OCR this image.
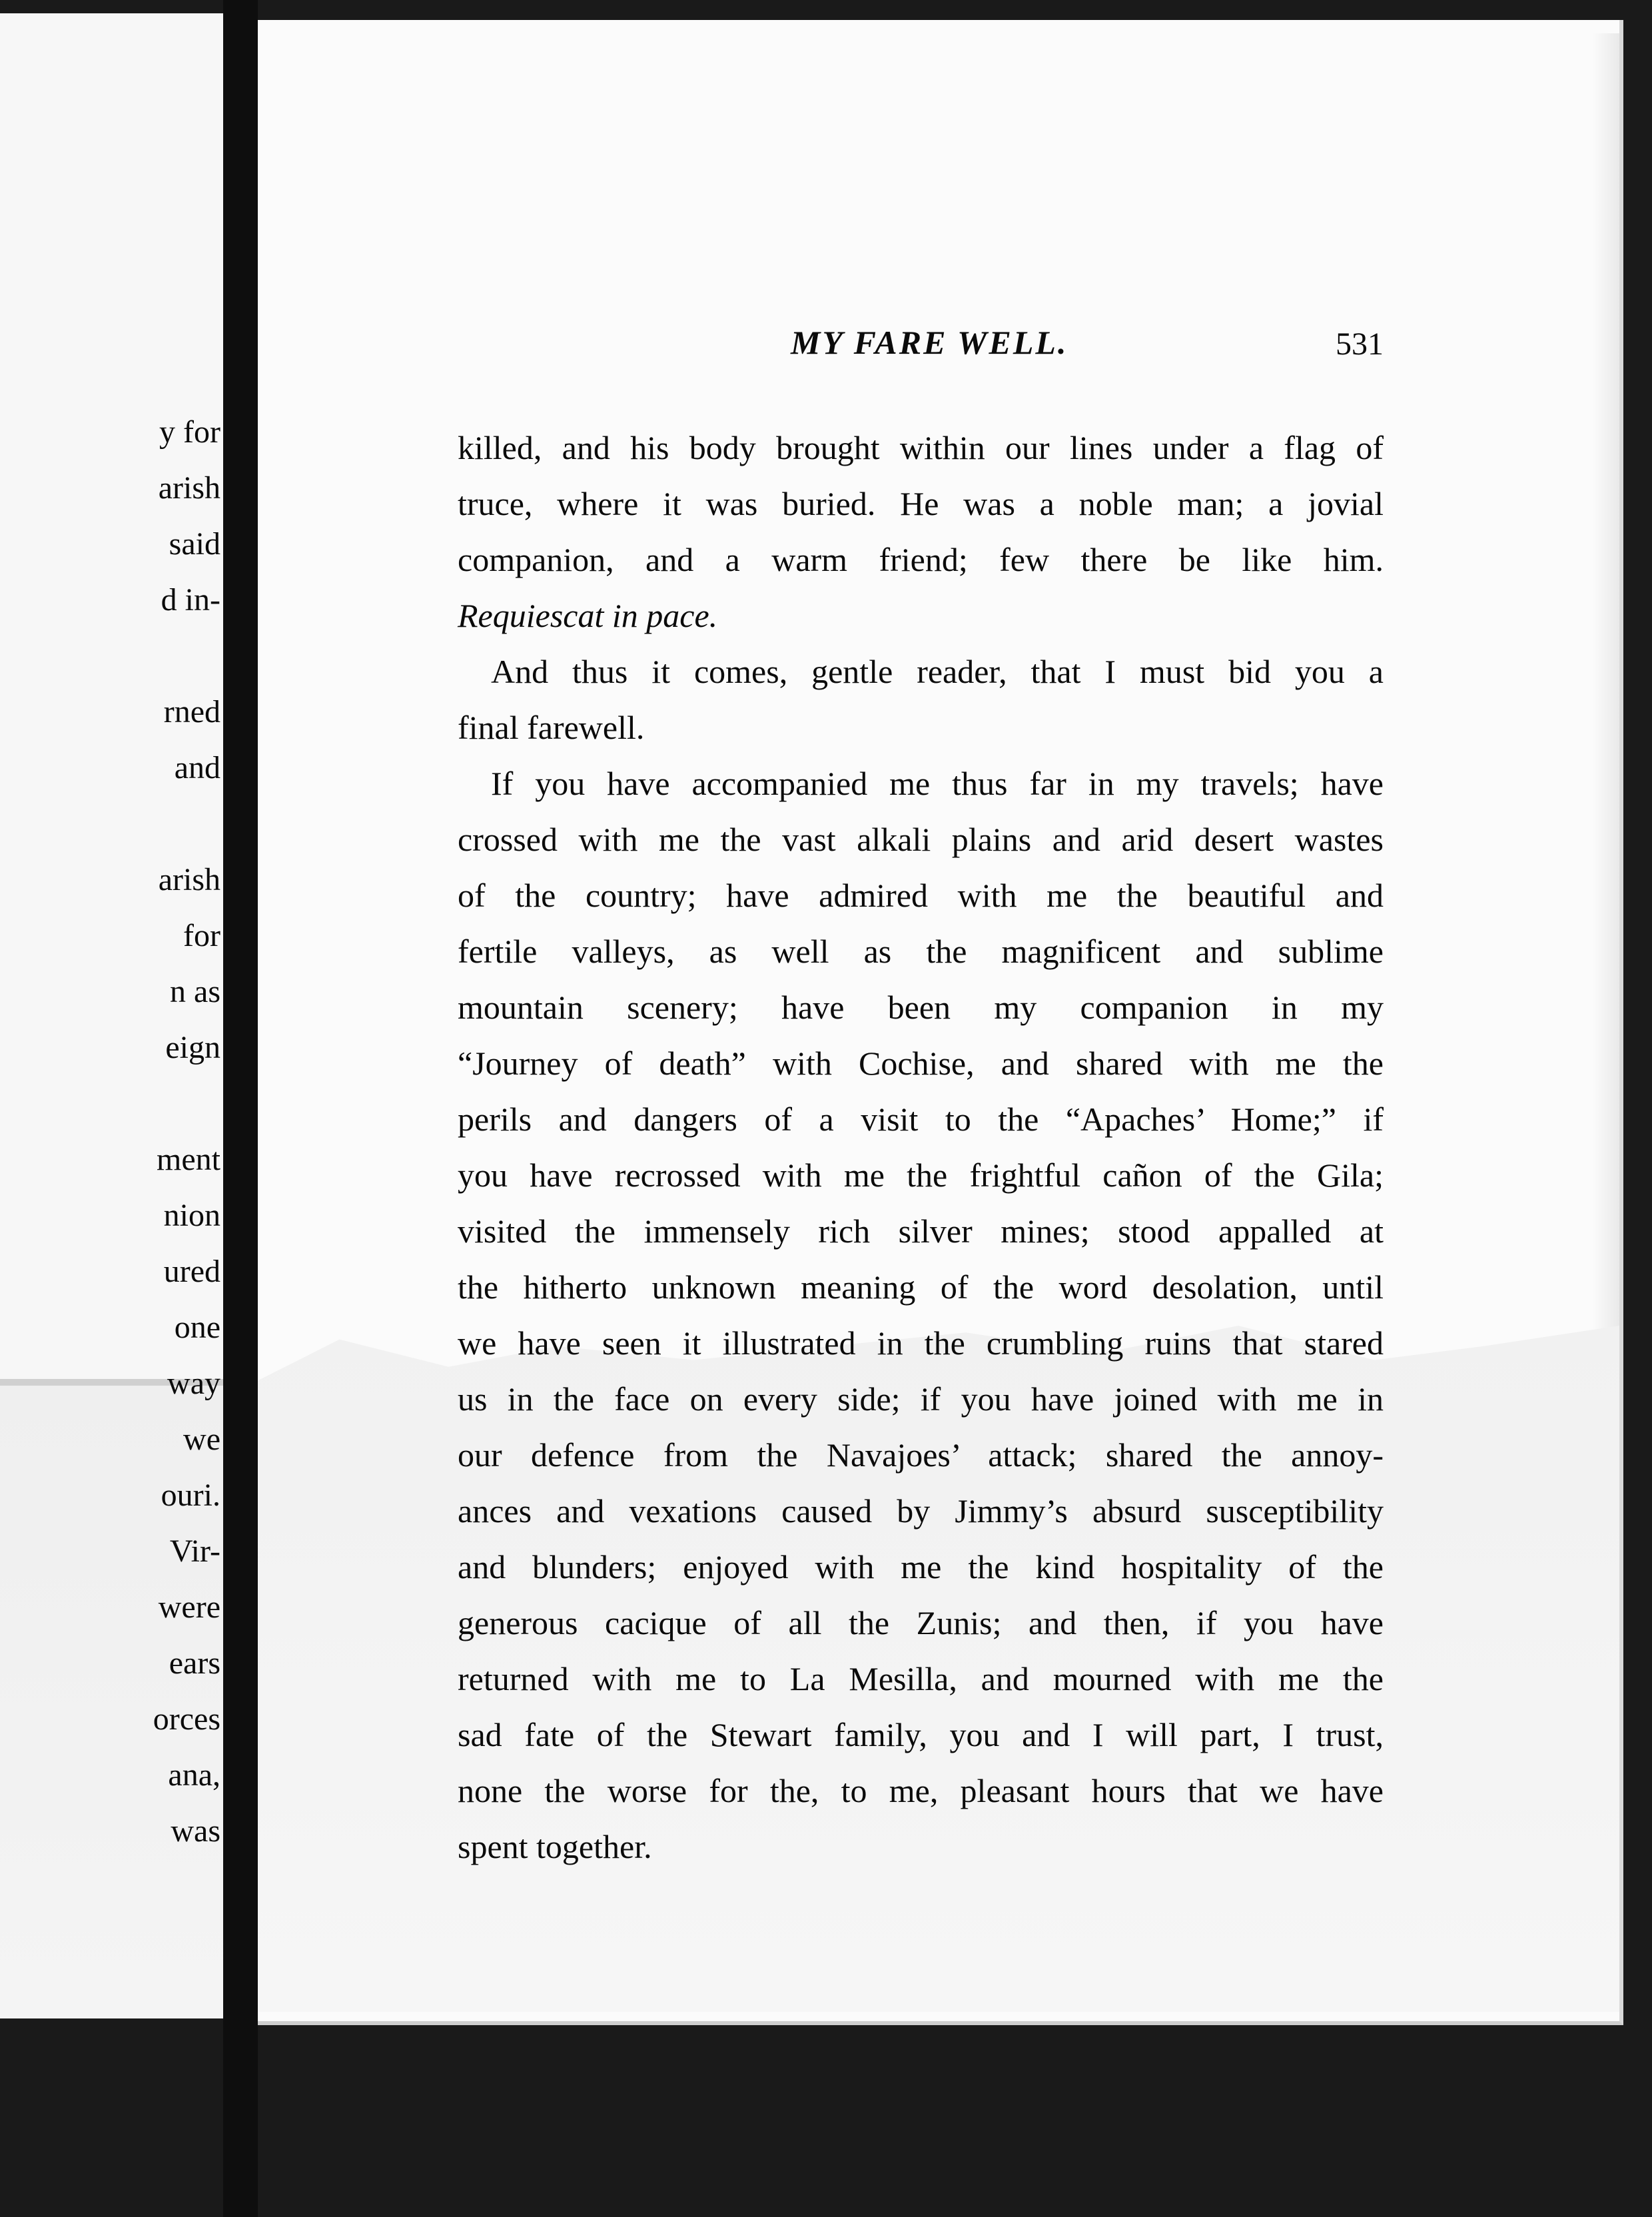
y for
arish
said
d in-
rned
and
arish
for
n as
eign
ment
nion
ured
one
way
we
ouri.
Vir-
were
ears
orces
ana,
was
MY FARE WELL.	531
killed, and his body brought within our lines under a flag of
truce, where it was buried. He was a noble man; a jovial
companion, and a warm friend; few there be like him.
Requiescat in pace.
And thus it comes, gentle reader, that I must bid you a
final farewell.
If you have accompanied me thus far in my travels; have
crossed with me the vast alkali plains and arid desert wastes
of the country; have admired with me the beautiful and
fertile valleys, as well as the magnificent and sublime
mountain scenery; have been my companion in my
“Journey of death” with Cochise, and shared with me the
perils and dangers of a visit to the “Apaches’ Home;” if
you have recrossed with me the frightful cañon of the Gila;
visited the immensely rich silver mines; stood appalled at
the hitherto unknown meaning of the word desolation, until
we have seen it illustrated in the crumbling ruins that stared
us in the face on every side; if you have joined with me in
our defence from the Navajoes’ attack; shared the annoy-
ances and vexations caused by Jimmy’s absurd susceptibility
and blunders; enjoyed with me the kind hospitality of the
generous cacique of all the Zunis; and then, if you have
returned with me to La Mesilla, and mourned with me the
sad fate of the Stewart family, you and I will part, I trust,
none the worse for the, to me, pleasant hours that we have
spent together.
